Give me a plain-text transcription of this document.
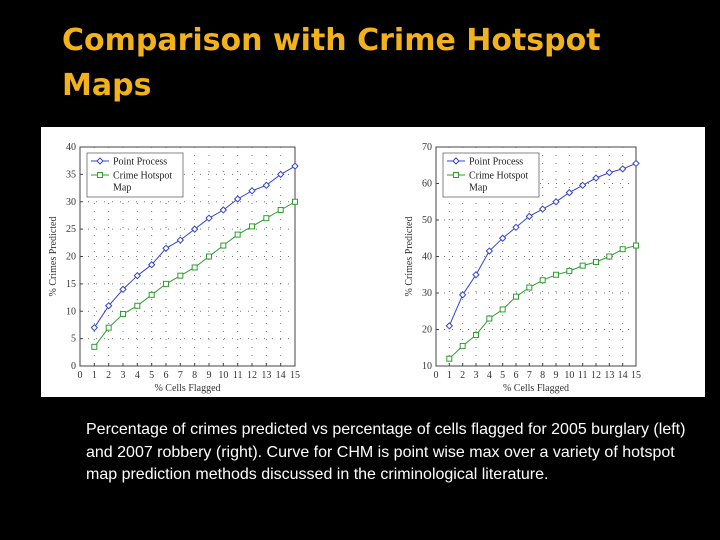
Comparison with Crime Hotspot Maps
0 1 2 3 4 5 6 7 8 9 10 11 12 13 14 15
0
5
10
15
20
25
30
35
40
% Cells Flagged
% Crimes Predicted
Point Process
Crime Hotspot Map
0 1 2 3 4 5 6 7 8 9 10 11 12 13 14 15
10
20
30
40
50
60
70
% Cells Flagged
% Crimes Predicted
Point Process
Crime Hotspot Map

Percentage of crimes predicted vs percentage of cells flagged for 2005 burglary (left) and 2007 robbery (right). Curve for CHM is point wise max over a variety of hotspot map prediction methods discussed in the criminological literature.
